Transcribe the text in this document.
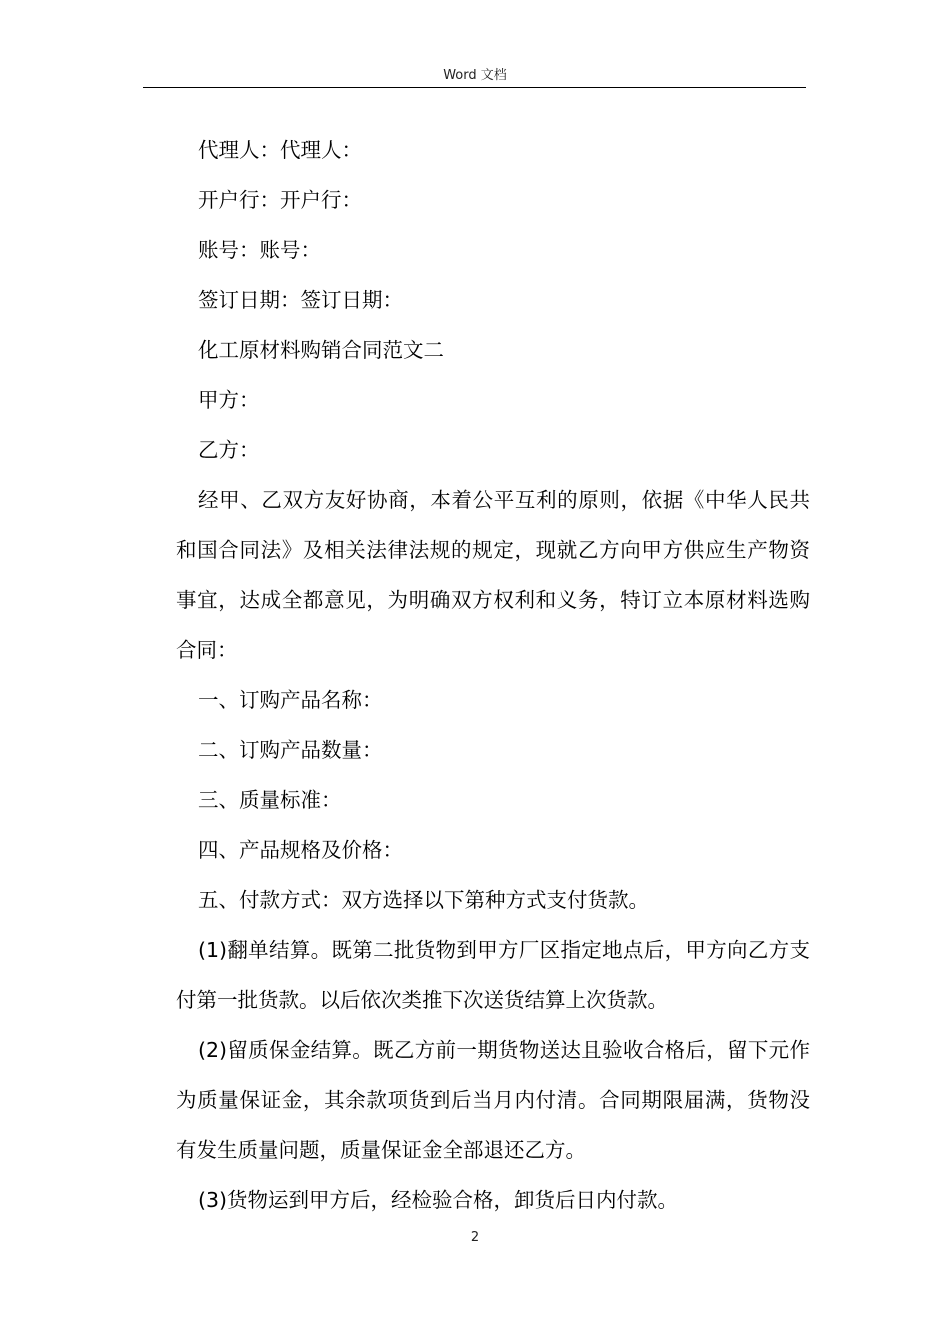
Word 文档

代理人：代理人：

开户行：开户行：

账号：账号：

签订日期：签订日期：

化工原材料购销合同范文二

甲方：

乙方：

经甲、乙双方友好协商，本着公平互利的原则，依据《中华人民共和国合同法》及相关法律法规的规定，现就乙方向甲方供应生产物资事宜，达成全都意见，为明确双方权利和义务，特订立本原材料选购合同：

一、订购产品名称：

二、订购产品数量：

三、质量标准：

四、产品规格及价格：

五、付款方式：双方选择以下第种方式支付货款。

(1)翻单结算。既第二批货物到甲方厂区指定地点后，甲方向乙方支付第一批货款。以后依次类推下次送货结算上次货款。

(2)留质保金结算。既乙方前一期货物送达且验收合格后，留下元作为质量保证金，其余款项货到后当月内付清。合同期限届满，货物没有发生质量问题，质量保证金全部退还乙方。

(3)货物运到甲方后，经检验合格，卸货后日内付款。

2
